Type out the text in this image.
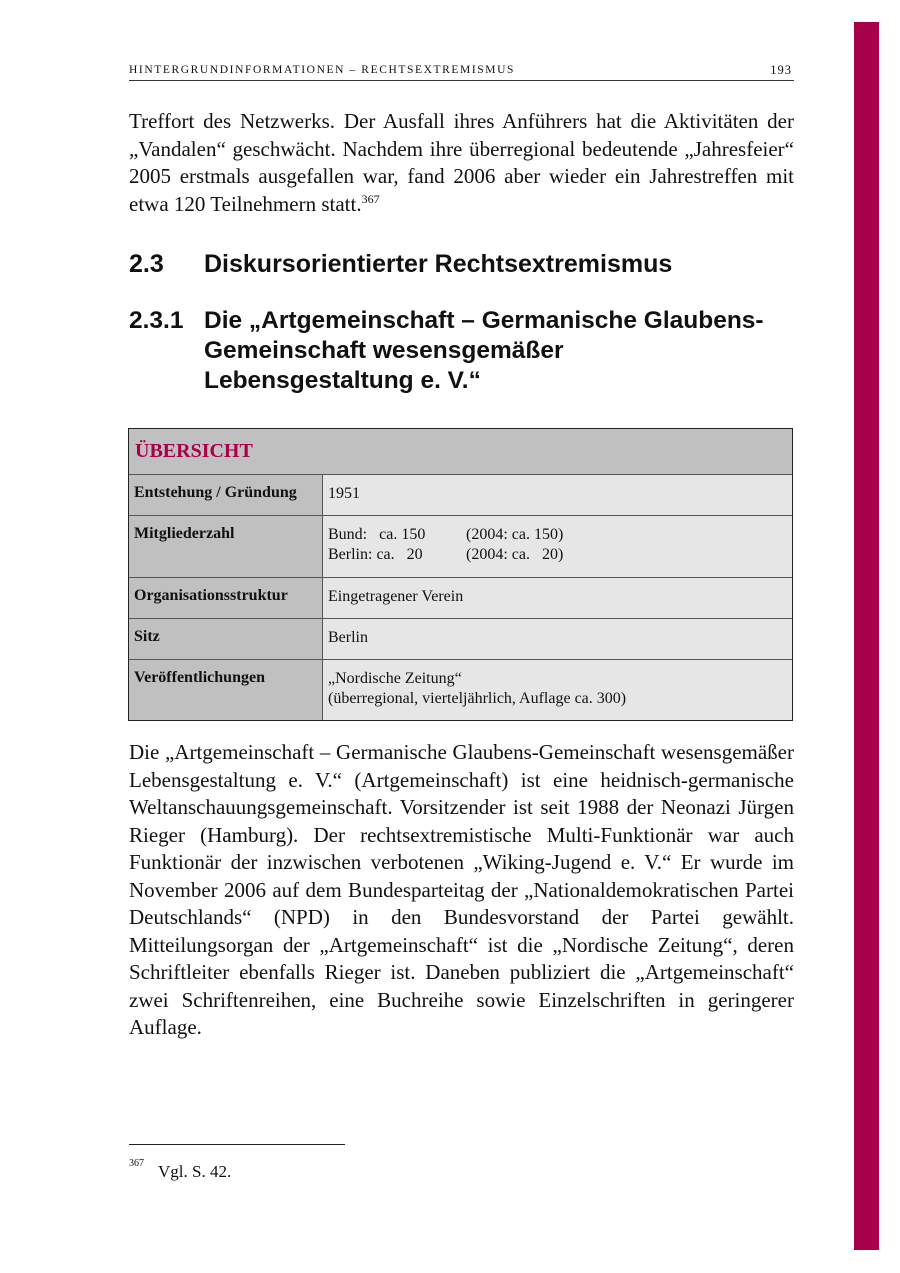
HINTERGRUNDINFORMATIONEN – RECHTSEXTREMISMUS	193

Treffort des Netzwerks. Der Ausfall ihres Anführers hat die Aktivitäten der „Vandalen“ geschwächt. Nachdem ihre überregional bedeutende „Jahresfeier“ 2005 erstmals ausgefallen war, fand 2006 aber wieder ein Jahrestreffen mit etwa 120 Teilnehmern statt.$^{367}$

2.3 Diskursorientierter Rechtsextremismus
2.3.1 Die „Artgemeinschaft – Germanische Glaubens-Gemeinschaft wesensgemäßer Lebensgestaltung e. V.“
ÜBERSICHT
Entstehung / Gründung	1951
Mitgliederzahl	Bund:   ca. 150	(2004: ca. 150)
Berlin: ca.   20	(2004: ca.   20)
Organisationsstruktur	Eingetragener Verein
Sitz	Berlin
Veröffentlichungen	„Nordische Zeitung“
(überregional, vierteljährlich, Auflage ca. 300)

Die „Artgemeinschaft – Germanische Glaubens-Gemeinschaft wesensgemäßer Lebensgestaltung e. V.“ (Artgemeinschaft) ist eine heidnisch-germanische Weltanschauungsgemeinschaft. Vorsitzender ist seit 1988 der Neonazi Jürgen Rieger (Hamburg). Der rechtsextremistische Multi-Funktionär war auch Funktionär der inzwischen verbotenen „Wiking-Jugend e. V.“ Er wurde im November 2006 auf dem Bundesparteitag der „Nationaldemokratischen Partei Deutschlands“ (NPD) in den Bundesvorstand der Partei gewählt. Mitteilungsorgan der „Artgemeinschaft“ ist die „Nordische Zeitung“, deren Schriftleiter ebenfalls Rieger ist. Daneben publiziert die „Artgemeinschaft“ zwei Schriftenreihen, eine Buchreihe sowie Einzelschriften in geringerer Auflage.

$^{367}$ Vgl. S. 42.
